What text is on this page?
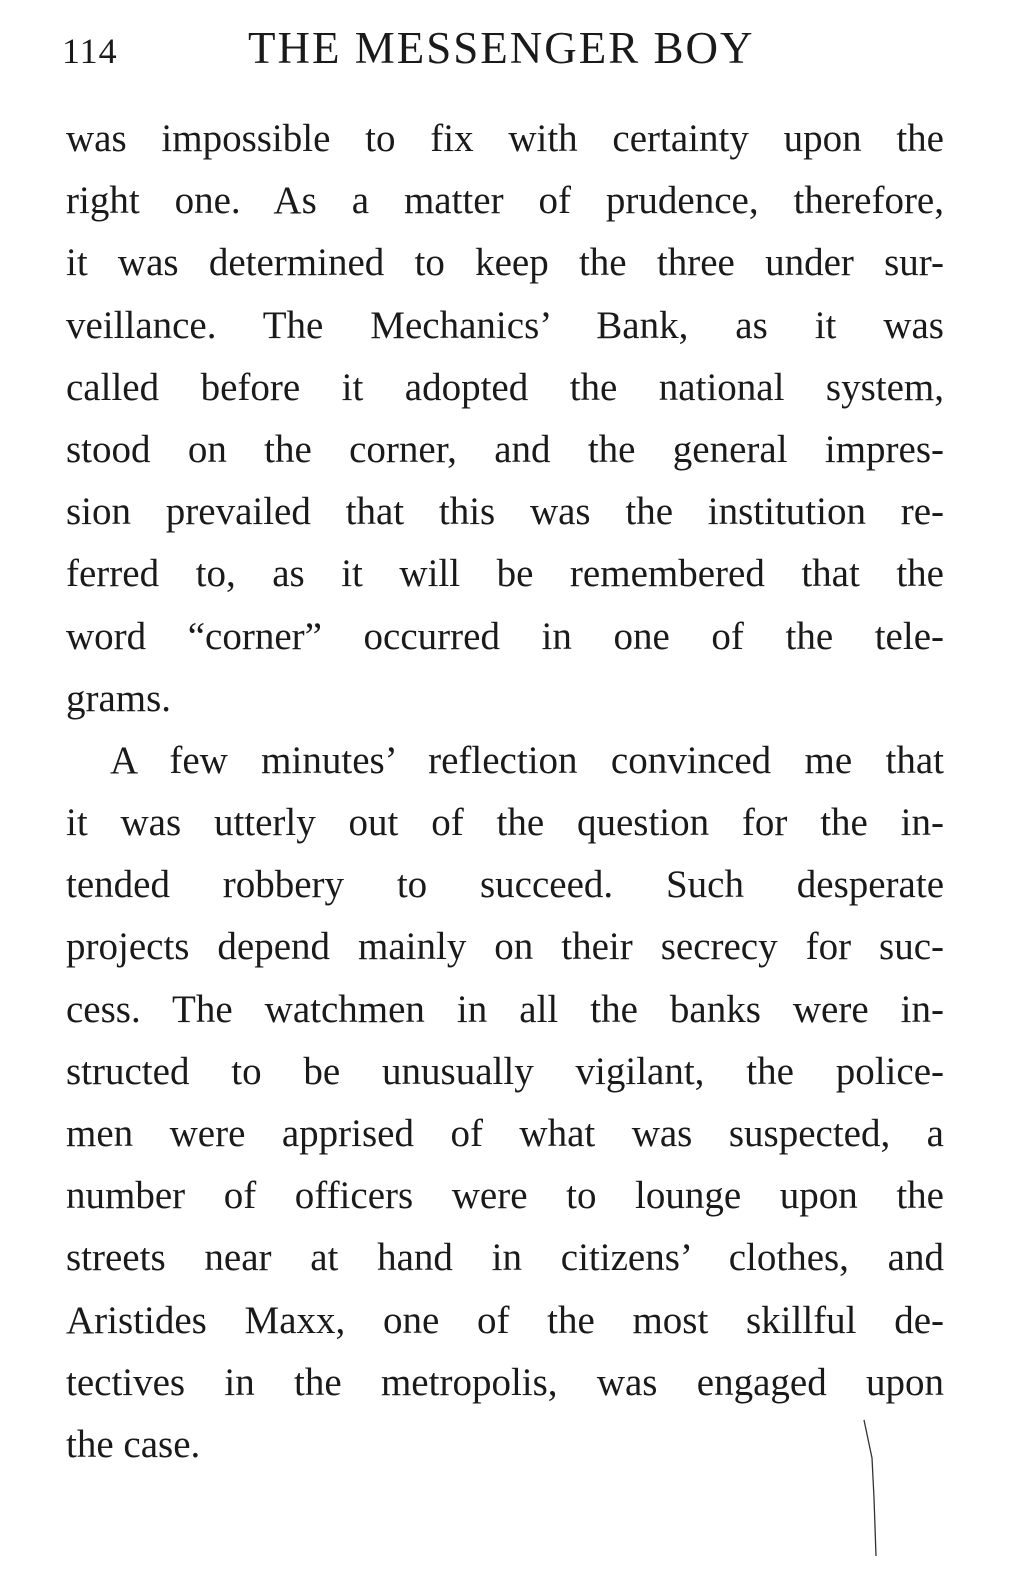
114	THE MESSENGER BOY
was impossible to fix with certainty upon the
right one. As a matter of prudence, therefore,
it was determined to keep the three under sur-
veillance. The Mechanics’ Bank, as it was
called before it adopted the national system,
stood on the corner, and the general impres-
sion prevailed that this was the institution re-
ferred to, as it will be remembered that the
word “corner” occurred in one of the tele-
grams.
A few minutes’ reflection convinced me that
it was utterly out of the question for the in-
tended robbery to succeed. Such desperate
projects depend mainly on their secrecy for suc-
cess. The watchmen in all the banks were in-
structed to be unusually vigilant, the police-
men were apprised of what was suspected, a
number of officers were to lounge upon the
streets near at hand in citizens’ clothes, and
Aristides Maxx, one of the most skillful de-
tectives in the metropolis, was engaged upon
the case.
